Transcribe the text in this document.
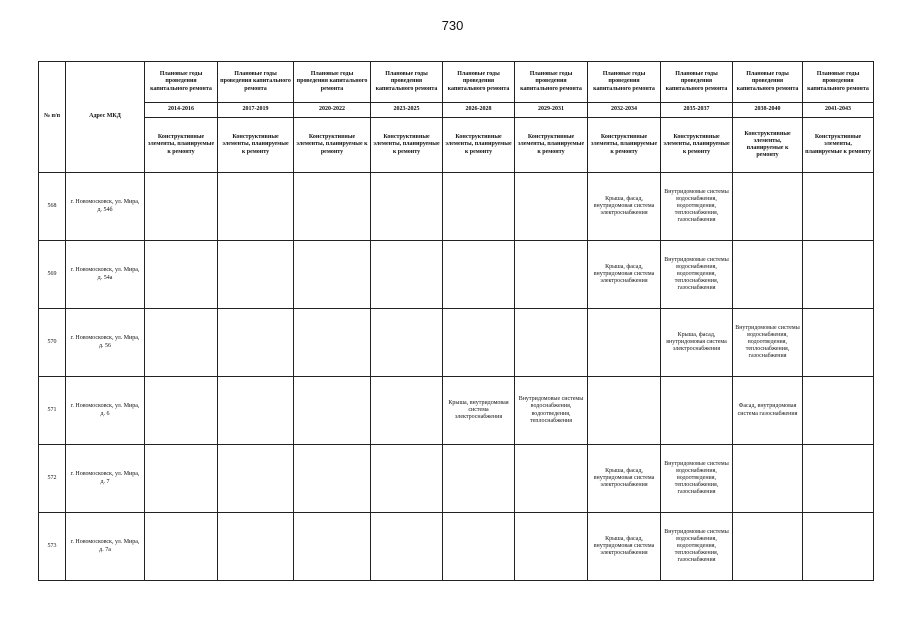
730
№ п/п	Адрес МКД	Плановые годы проведения капитального ремонта	Плановые годы проведения капитального ремонта	Плановые годы проведения капитального ремонта	Плановые годы проведения капитального ремонта	Плановые годы проведения капитального ремонта	Плановые годы проведения капитального ремонта	Плановые годы проведения капитального ремонта	Плановые годы проведения капитального ремонта	Плановые годы проведения капитального ремонта	Плановые годы проведения капитального ремонта
		2014-2016	2017-2019	2020-2022	2023-2025	2026-2028	2029-2031	2032-2034	2035-2037	2038-2040	2041-2043
		Конструктивные элементы, планируемые к ремонту	Конструктивные элементы, планируемые к ремонту	Конструктивные элементы, планируемые к ремонту	Конструктивные элементы, планируемые к ремонту	Конструктивные элементы, планируемые к ремонту	Конструктивные элементы, планируемые к ремонту	Конструктивные элементы, планируемые к ремонту	Конструктивные элементы, планируемые к ремонту	Конструктивные элементы, планируемые к ремонту	Конструктивные элементы, планируемые к ремонту
568	г. Новомосковск, ул. Мира, д. 54б							Крыша, фасад, внутридомовая система электроснабжения	Внутридомовые системы водоснабжения, водоотведения, теплоснабжения, газоснабжения		
569	г. Новомосковск, ул. Мира, д. 54а							Крыша, фасад, внутридомовая система электроснабжения	Внутридомовые системы водоснабжения, водоотведения, теплоснабжения, газоснабжения		
570	г. Новомосковск, ул. Мира, д. 56								Крыша, фасад, внутридомовая система электроснабжения	Внутридомовые системы водоснабжения, водоотведения, теплоснабжения, газоснабжения	
571	г. Новомосковск, ул. Мира, д. 6					Крыша, внутридомовая система электроснабжения	Внутридомовые системы водоснабжения, водоотведения, теплоснабжения			Фасад, внутридомовая система газоснабжения	
572	г. Новомосковск, ул. Мира, д. 7							Крыша, фасад, внутридомовая система электроснабжения	Внутридомовые системы водоснабжения, водоотведения, теплоснабжения, газоснабжения		
573	г. Новомосковск, ул. Мира, д. 7а							Крыша, фасад, внутридомовая система электроснабжения	Внутридомовые системы водоснабжения, водоотведения, теплоснабжения, газоснабжения		
